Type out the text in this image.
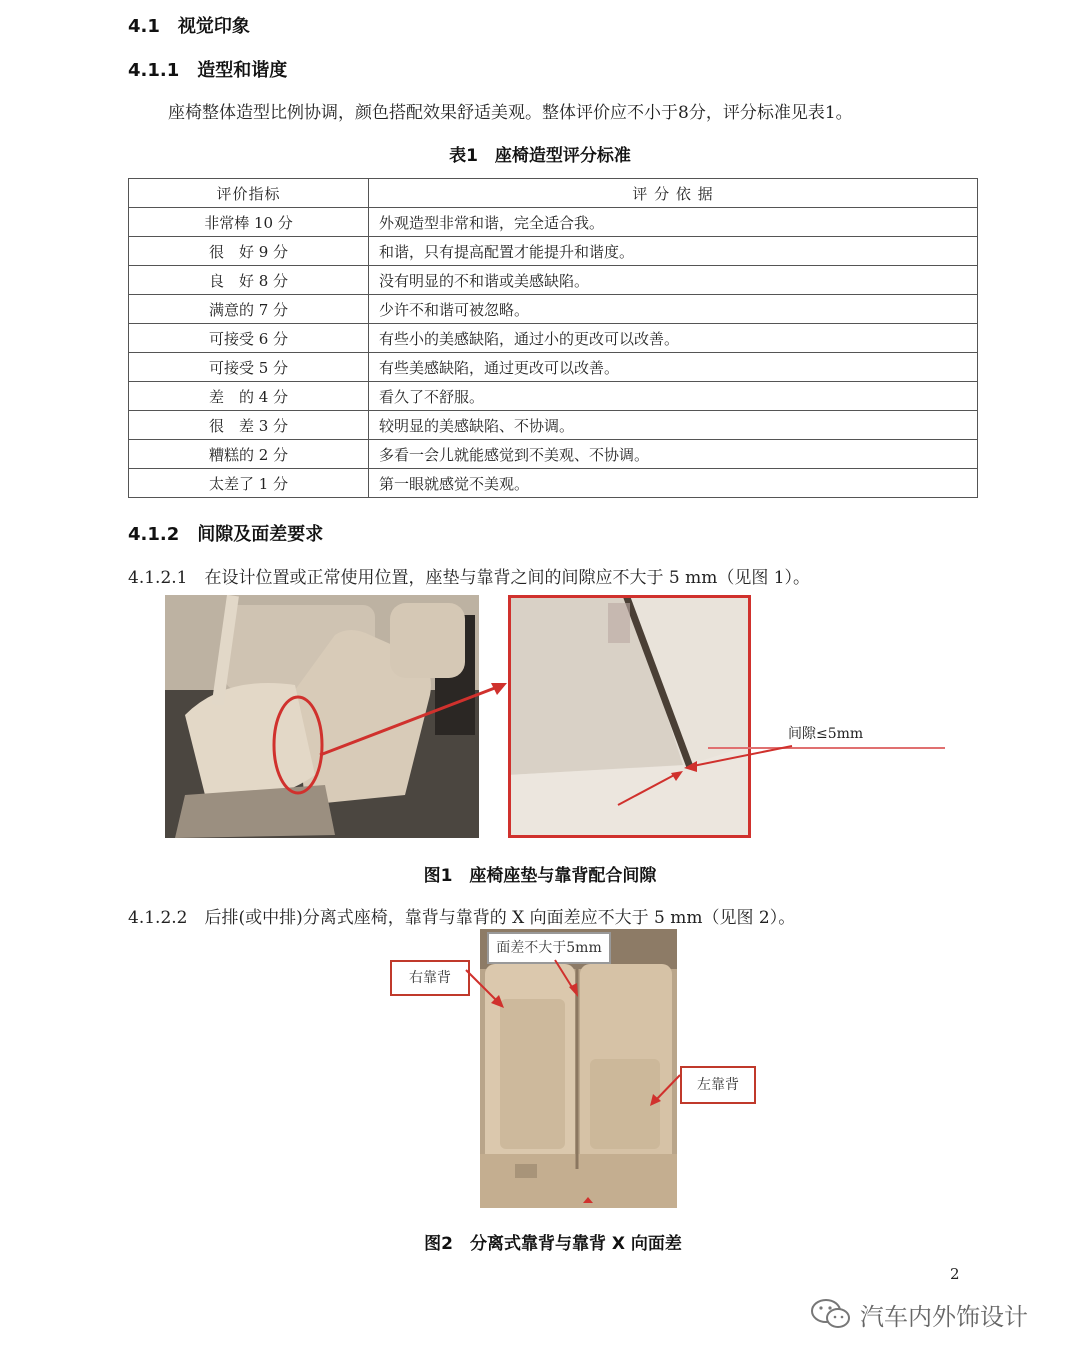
4.1　视觉印象
4.1.1　造型和谐度
座椅整体造型比例协调，颜色搭配效果舒适美观。整体评价应不小于8分，评分标准见表1。
表1　座椅造型评分标准
评价指标	评 分 依 据
非常棒 10 分	外观造型非常和谐，完全适合我。
很　好 9 分	和谐，只有提高配置才能提升和谐度。
良　好 8 分	没有明显的不和谐或美感缺陷。
满意的 7 分	少许不和谐可被忽略。
可接受 6 分	有些小的美感缺陷，通过小的更改可以改善。
可接受 5 分	有些美感缺陷，通过更改可以改善。
差　的 4 分	看久了不舒服。
很　差 3 分	较明显的美感缺陷、不协调。
糟糕的 2 分	多看一会儿就能感觉到不美观、不协调。
太差了 1 分	第一眼就感觉不美观。
4.1.2　间隙及面差要求
4.1.2.1　在设计位置或正常使用位置，座垫与靠背之间的间隙应不大于 5 mm（见图 1）。
间隙≤5mm
图1　座椅座垫与靠背配合间隙
4.1.2.2　后排(或中排)分离式座椅，靠背与靠背的 X 向面差应不大于 5 mm（见图 2）。
面差不大于5mm
右靠背
左靠背
图2　分离式靠背与靠背 X 向面差
2
汽车内外饰设计
